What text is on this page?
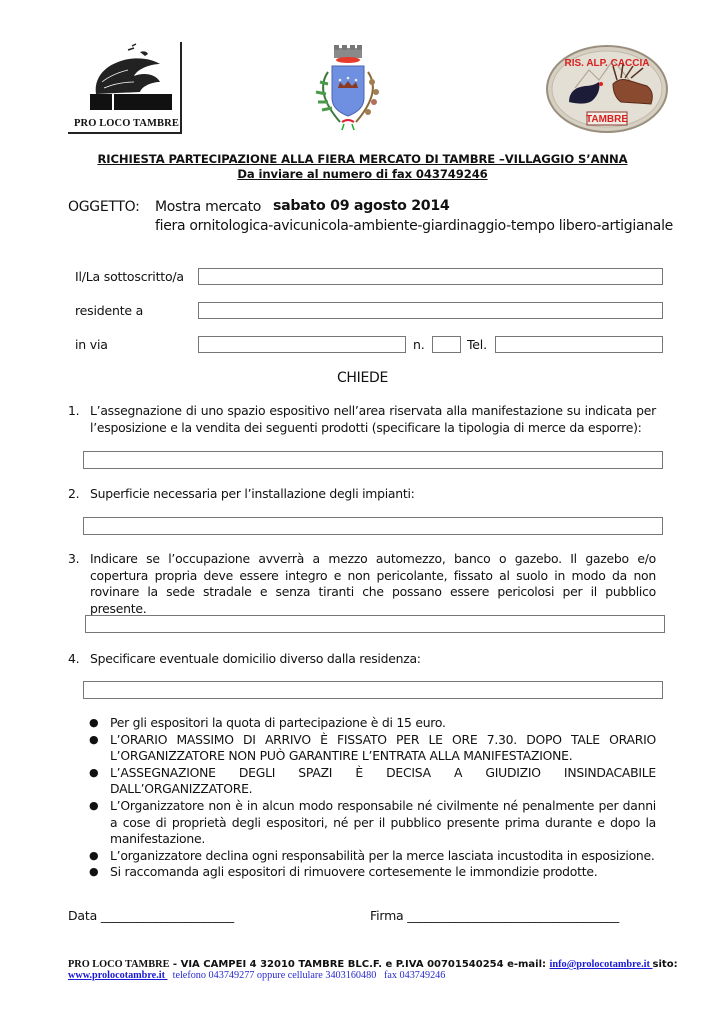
PRO LOCO TAMBRE
RIS. ALP. CACCIA
TAMBRE
RICHIESTA PARTECIPAZIONE ALLA FIERA MERCATO DI TAMBRE –VILLAGGIO S’ANNA
Da inviare al numero di fax 043749246
OGGETTO: Mostra mercato sabato 09 agosto 2014
fiera ornitologica-avicunicola-ambiente-giardinaggio-tempo libero-artigianale
Il/La sottoscritto/a
residente a
in via	n.	Tel.
CHIEDE
1. L’assegnazione di uno spazio espositivo nell’area riservata alla manifestazione su indicata per l’esposizione e la vendita dei seguenti prodotti (specificare la tipologia di merce da esporre):
2. Superficie necessaria per l’installazione degli impianti:
3. Indicare se l’occupazione avverrà a mezzo automezzo, banco o gazebo. Il gazebo e/o copertura propria deve essere integro e non pericolante, fissato al suolo in modo da non rovinare la sede stradale e senza tiranti che possano essere pericolosi per il pubblico presente.
4. Specificare eventuale domicilio diverso dalla residenza:
● Per gli espositori la quota di partecipazione è di 15 euro.
● L’ORARIO MASSIMO DI ARRIVO È FISSATO PER LE ORE 7.30. DOPO TALE ORARIO L’ORGANIZZATORE NON PUÒ GARANTIRE L’ENTRATA ALLA MANIFESTAZIONE.
● L’ASSEGNAZIONE DEGLI SPAZI È DECISA A GIUDIZIO INSINDACABILE DALL’ORGANIZZATORE.
● L’Organizzatore non è in alcun modo responsabile né civilmente né penalmente per danni a cose di proprietà degli espositori, né per il pubblico presente prima durante e dopo la manifestazione.
● L’organizzatore declina ogni responsabilità per la merce lasciata incustodita in esposizione.
● Si raccomanda agli espositori di rimuovere cortesemente le immondizie prodotte.
Data ______________________	Firma ___________________________________
PRO LOCO TAMBRE - VIA CAMPEI 4 32010 TAMBRE BLC.F. e P.IVA 00701540254 e-mail: info@prolocotambre.it sito:
www.prolocotambre.it   telefono 043749277 oppure cellulare 3403160480   fax 043749246
